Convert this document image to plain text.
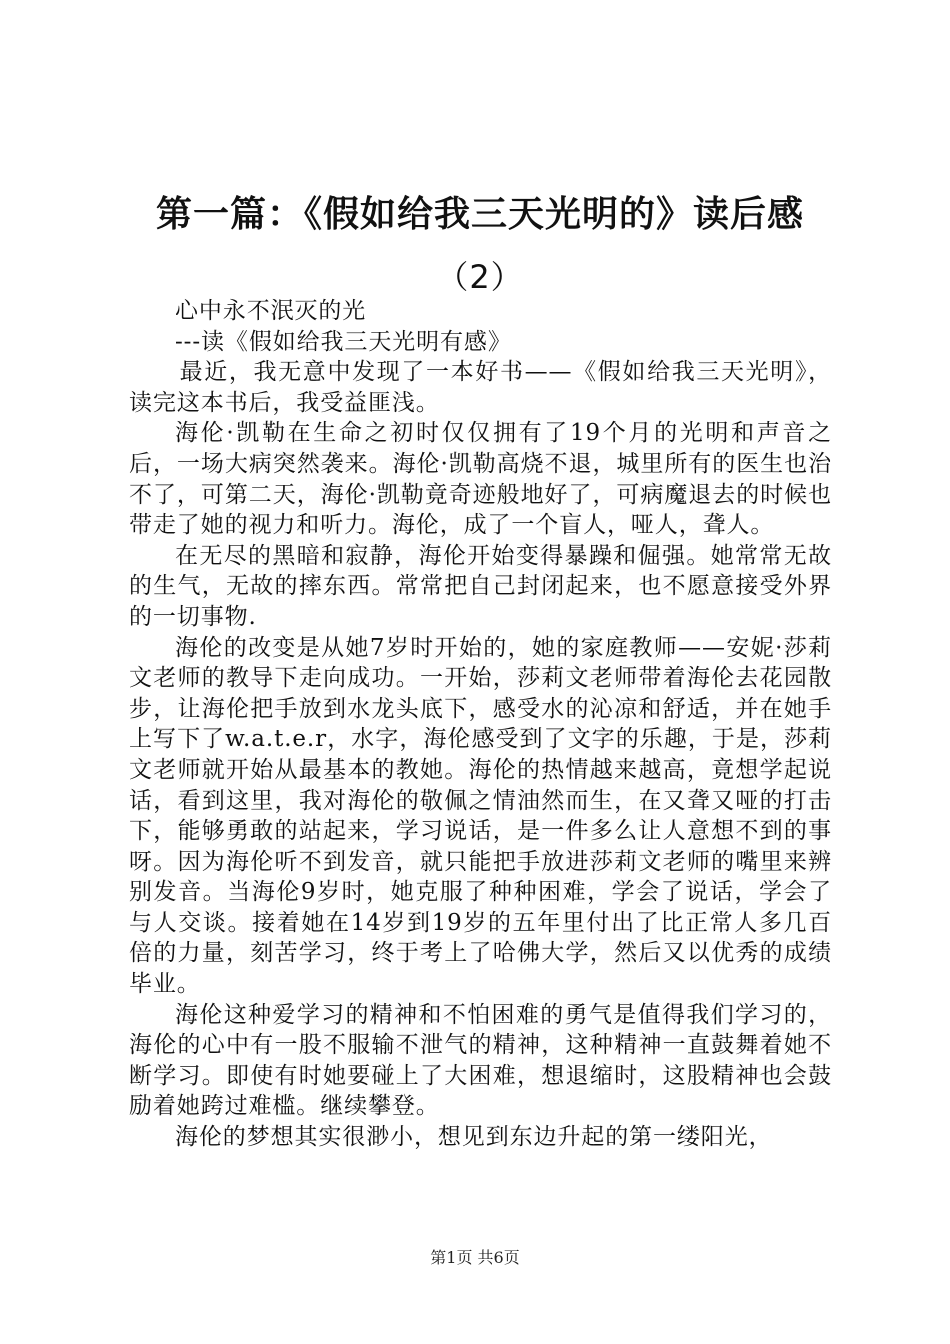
第一篇：《假如给我三天光明的》读后感
（2）

心中永不泯灭的光

---读《假如给我三天光明有感》

最近，我无意中发现了一本好书——《假如给我三天光明》，读完这本书后，我受益匪浅。

海伦·凯勒在生命之初时仅仅拥有了19个月的光明和声音之后，一场大病突然袭来。海伦·凯勒高烧不退，城里所有的医生也治不了，可第二天，海伦·凯勒竟奇迹般地好了，可病魔退去的时候也带走了她的视力和听力。海伦，成了一个盲人，哑人，聋人。

在无尽的黑暗和寂静，海伦开始变得暴躁和倔强。她常常无故的生气，无故的摔东西。常常把自己封闭起来，也不愿意接受外界的一切事物.

海伦的改变是从她7岁时开始的，她的家庭教师——安妮·莎莉文老师的教导下走向成功。一开始，莎莉文老师带着海伦去花园散步，让海伦把手放到水龙头底下，感受水的沁凉和舒适，并在她手上写下了w.a.t.e.r，水字，海伦感受到了文字的乐趣，于是，莎莉文老师就开始从最基本的教她。海伦的热情越来越高，竟想学起说话，看到这里，我对海伦的敬佩之情油然而生，在又聋又哑的打击下，能够勇敢的站起来，学习说话，是一件多么让人意想不到的事呀。因为海伦听不到发音，就只能把手放进莎莉文老师的嘴里来辨别发音。当海伦9岁时，她克服了种种困难，学会了说话，学会了与人交谈。接着她在14岁到19岁的五年里付出了比正常人多几百倍的力量，刻苦学习，终于考上了哈佛大学，然后又以优秀的成绩毕业。

海伦这种爱学习的精神和不怕困难的勇气是值得我们学习的，海伦的心中有一股不服输不泄气的精神，这种精神一直鼓舞着她不断学习。即使有时她要碰上了大困难，想退缩时，这股精神也会鼓励着她跨过难槛。继续攀登。

海伦的梦想其实很渺小，想见到东边升起的第一缕阳光，

第1页 共6页
